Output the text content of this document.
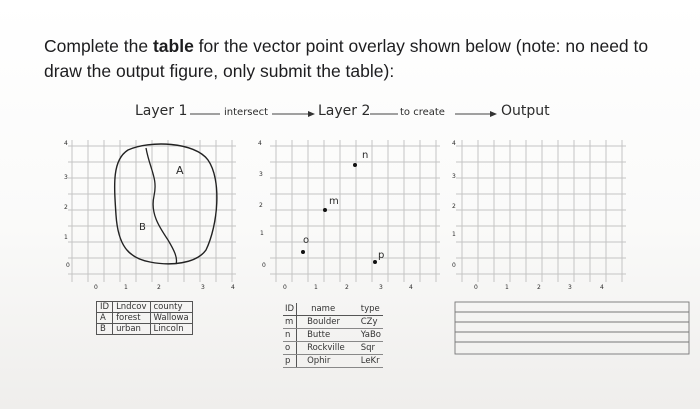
Complete the table for the vector point overlay shown below (note: no need to draw the output figure, only submit the table):
Layer 1	intersect	Layer 2	to create	Output
A
B
4
3
2
1
0
0	1	2	3	4
n
m
o
p
4
3
2
1
0
0	1	2	3	4
4
3
2
1
0
0	1	2	3	4
ID	Lndcov	county
A	forest	Wallowa
B	urban	Lincoln
ID	name	type
m	Boulder	CZy
n	Butte	YaBo
o	Rockville	Sqr
p	Ophir	LeKr
